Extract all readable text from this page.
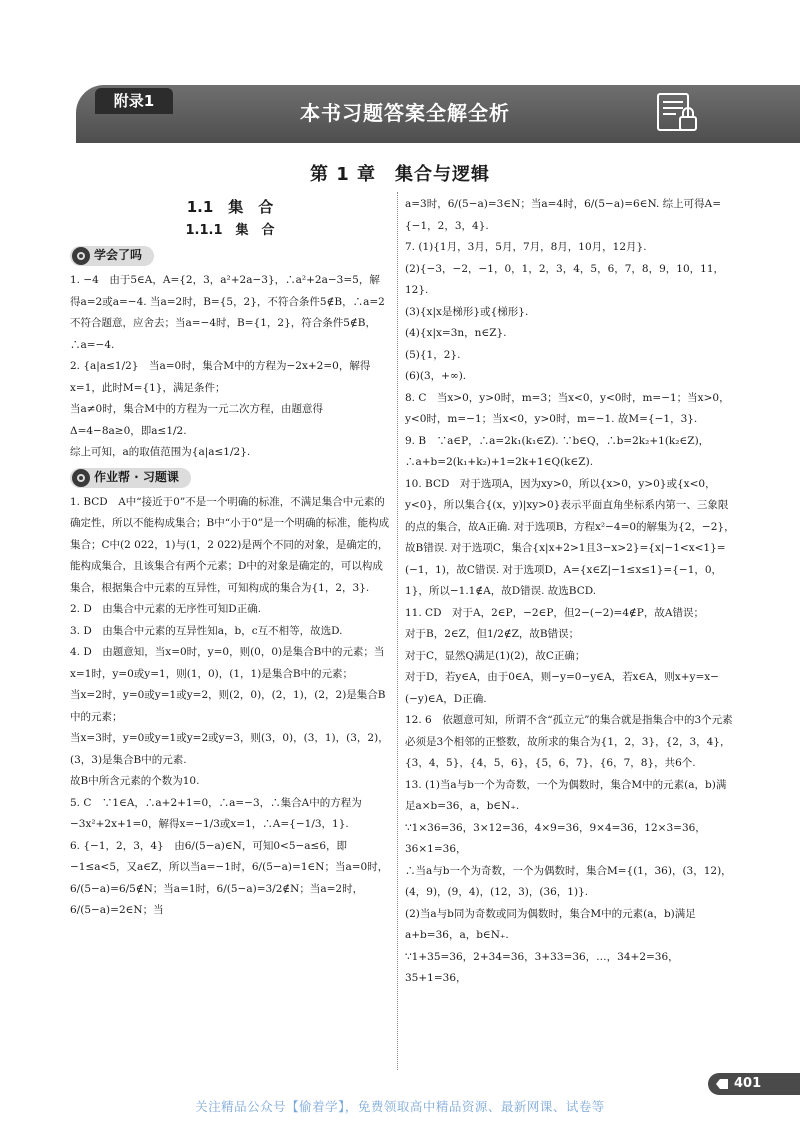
附录1	本书习题答案全解全析
第 1 章　集合与逻辑
1.1　集　合
1.1.1　集　合
学会了吗
1. −4　由于5∈A，A={2，3，a²+2a−3}，∴a²+2a−3=5，解得a=2或a=−4. 当a=2时，B={5，2}，不符合条件5∉B，∴a=2不符合题意，应舍去；当a=−4时，B={1，2}，符合条件5∉B，∴a=−4.
2. {a|a≤1/2}　当a=0时，集合M中的方程为−2x+2=0，解得x=1，此时M={1}，满足条件；
当a≠0时，集合M中的方程为一元二次方程，由题意得Δ=4−8a≥0，即a≤1/2.
综上可知，a的取值范围为{a|a≤1/2}.
作业帮 · 习题课
1. BCD　A中“接近于0”不是一个明确的标准，不满足集合中元素的确定性，所以不能构成集合；B中“小于0”是一个明确的标准，能构成集合；C中(2 022，1)与(1，2 022)是两个不同的对象，是确定的，能构成集合，且该集合有两个元素；D中的对象是确定的，可以构成集合，根据集合中元素的互异性，可知构成的集合为{1，2，3}.
2. D　由集合中元素的无序性可知D正确.
3. D　由集合中元素的互异性知a，b，c互不相等，故选D.
4. D　由题意知，当x=0时，y=0，则(0，0)是集合B中的元素；当x=1时，y=0或y=1，则(1，0)，(1，1)是集合B中的元素；
当x=2时，y=0或y=1或y=2，则(2，0)，(2，1)，(2，2)是集合B中的元素；
当x=3时，y=0或y=1或y=2或y=3，则(3，0)，(3，1)，(3，2)，(3，3)是集合B中的元素.
故B中所含元素的个数为10.
5. C　∵1∈A，∴a+2+1=0，∴a=−3，∴集合A中的方程为−3x²+2x+1=0，解得x=−1/3或x=1，∴A={−1/3，1}.
6. {−1，2，3，4}　由6/(5−a)∈N，可知0<5−a≤6，即−1≤a<5，又a∈Z，所以当a=−1时，6/(5−a)=1∈N；当a=0时，6/(5−a)=6/5∉N；当a=1时，6/(5−a)=3/2∉N；当a=2时，6/(5−a)=2∈N；当
a=3时，6/(5−a)=3∈N；当a=4时，6/(5−a)=6∈N. 综上可得A={−1，2，3，4}.
7. (1){1月，3月，5月，7月，8月，10月，12月}.
(2){−3，−2，−1，0，1，2，3，4，5，6，7，8，9，10，11，12}.
(3){x|x是梯形}或{梯形}.
(4){x|x=3n，n∈Z}.
(5){1，2}.
(6)(3，+∞).
8. C　当x>0，y>0时，m=3；当x<0，y<0时，m=−1；当x>0，y<0时，m=−1；当x<0，y>0时，m=−1. 故M={−1，3}.
9. B　∵a∈P，∴a=2k₁(k₁∈Z). ∵b∈Q，∴b=2k₂+1(k₂∈Z)，∴a+b=2(k₁+k₂)+1=2k+1∈Q(k∈Z).
10. BCD　对于选项A，因为xy>0，所以{x>0，y>0}或{x<0，y<0}，所以集合{(x，y)|xy>0}表示平面直角坐标系内第一、三象限的点的集合，故A正确. 对于选项B，方程x²−4=0的解集为{2，−2}，故B错误. 对于选项C，集合{x|x+2>1且3−x>2}={x|−1<x<1}=(−1，1)，故C错误. 对于选项D，A={x∈Z|−1≤x≤1}={−1，0，1}，所以−1.1∉A，故D错误. 故选BCD.
11. CD　对于A，2∈P，−2∈P，但2−(−2)=4∉P，故A错误；
对于B，2∈Z，但1/2∉Z，故B错误；
对于C，显然Q满足(1)(2)，故C正确；
对于D，若y∈A，由于0∈A，则−y=0−y∈A，若x∈A，则x+y=x−(−y)∈A，D正确.
12. 6　依题意可知，所谓不含“孤立元”的集合就是指集合中的3个元素必须是3个相邻的正整数，故所求的集合为{1，2，3}，{2，3，4}，{3，4，5}，{4，5，6}，{5，6，7}，{6，7，8}，共6个.
13. (1)当a与b一个为奇数，一个为偶数时，集合M中的元素(a，b)满足a×b=36，a，b∈N₊.
∵1×36=36，3×12=36，4×9=36，9×4=36，12×3=36，36×1=36，
∴当a与b一个为奇数，一个为偶数时，集合M={(1，36)，(3，12)，(4，9)，(9，4)，(12，3)，(36，1)}.
(2)当a与b同为奇数或同为偶数时，集合M中的元素(a，b)满足a+b=36，a，b∈N₊.
∵1+35=36，2+34=36，3+33=36，…，34+2=36，35+1=36，
401
关注精品公众号【偷着学】，免费领取高中精品资源、最新网课、试卷等
